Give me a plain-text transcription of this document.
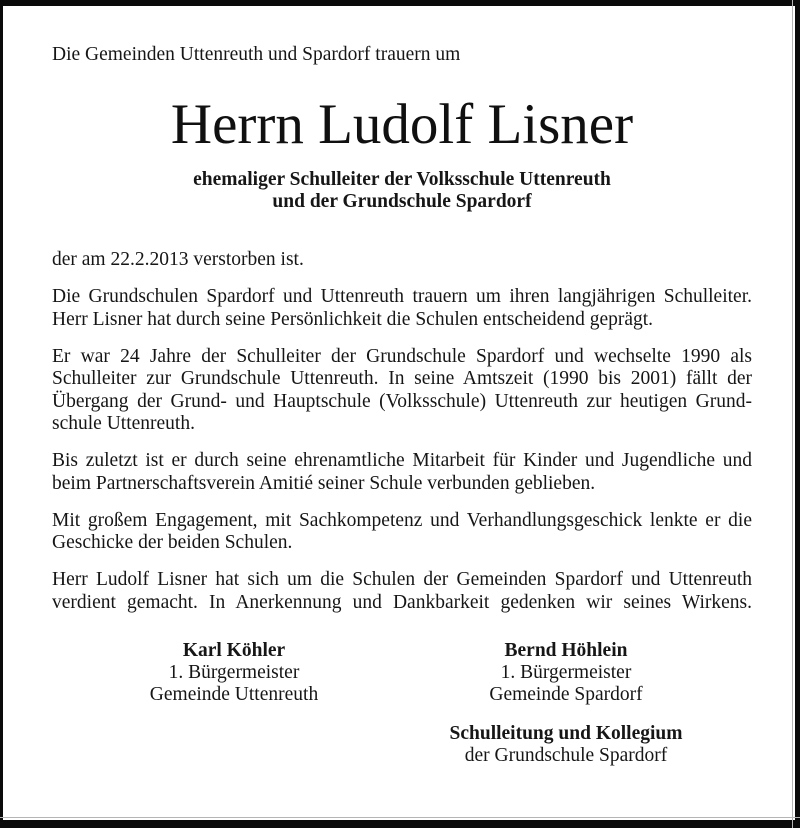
Die Gemeinden Uttenreuth und Spardorf trauern um

Herrn Ludolf Lisner
ehemaliger Schulleiter der Volksschule Uttenreuth
und der Grundschule Spardorf

der am 22.2.2013 verstorben ist.

Die Grundschulen Spardorf und Uttenreuth trauern um ihren langjährigen Schulleiter. Herr Lisner hat durch seine Persönlichkeit die Schulen entscheidend geprägt.

Er war 24 Jahre der Schulleiter der Grundschule Spardorf und wechselte 1990 als Schulleiter zur Grundschule Uttenreuth. In seine Amtszeit (1990 bis 2001) fällt der Übergang der Grund- und Hauptschule (Volksschule) Uttenreuth zur heutigen Grundschule Uttenreuth.

Bis zuletzt ist er durch seine ehrenamtliche Mitarbeit für Kinder und Jugendliche und beim Partnerschaftsverein Amitié seiner Schule verbunden geblieben.

Mit großem Engagement, mit Sachkompetenz und Verhandlungsgeschick lenkte er die Geschicke der beiden Schulen.

Herr Ludolf Lisner hat sich um die Schulen der Gemeinden Spardorf und Uttenreuth verdient gemacht. In Anerkennung und Dankbarkeit gedenken wir seines Wirkens.

Karl Köhler
1. Bürgermeister
Gemeinde Uttenreuth
Bernd Höhlein
1. Bürgermeister
Gemeinde Spardorf
Schulleitung und Kollegium
der Grundschule Spardorf
